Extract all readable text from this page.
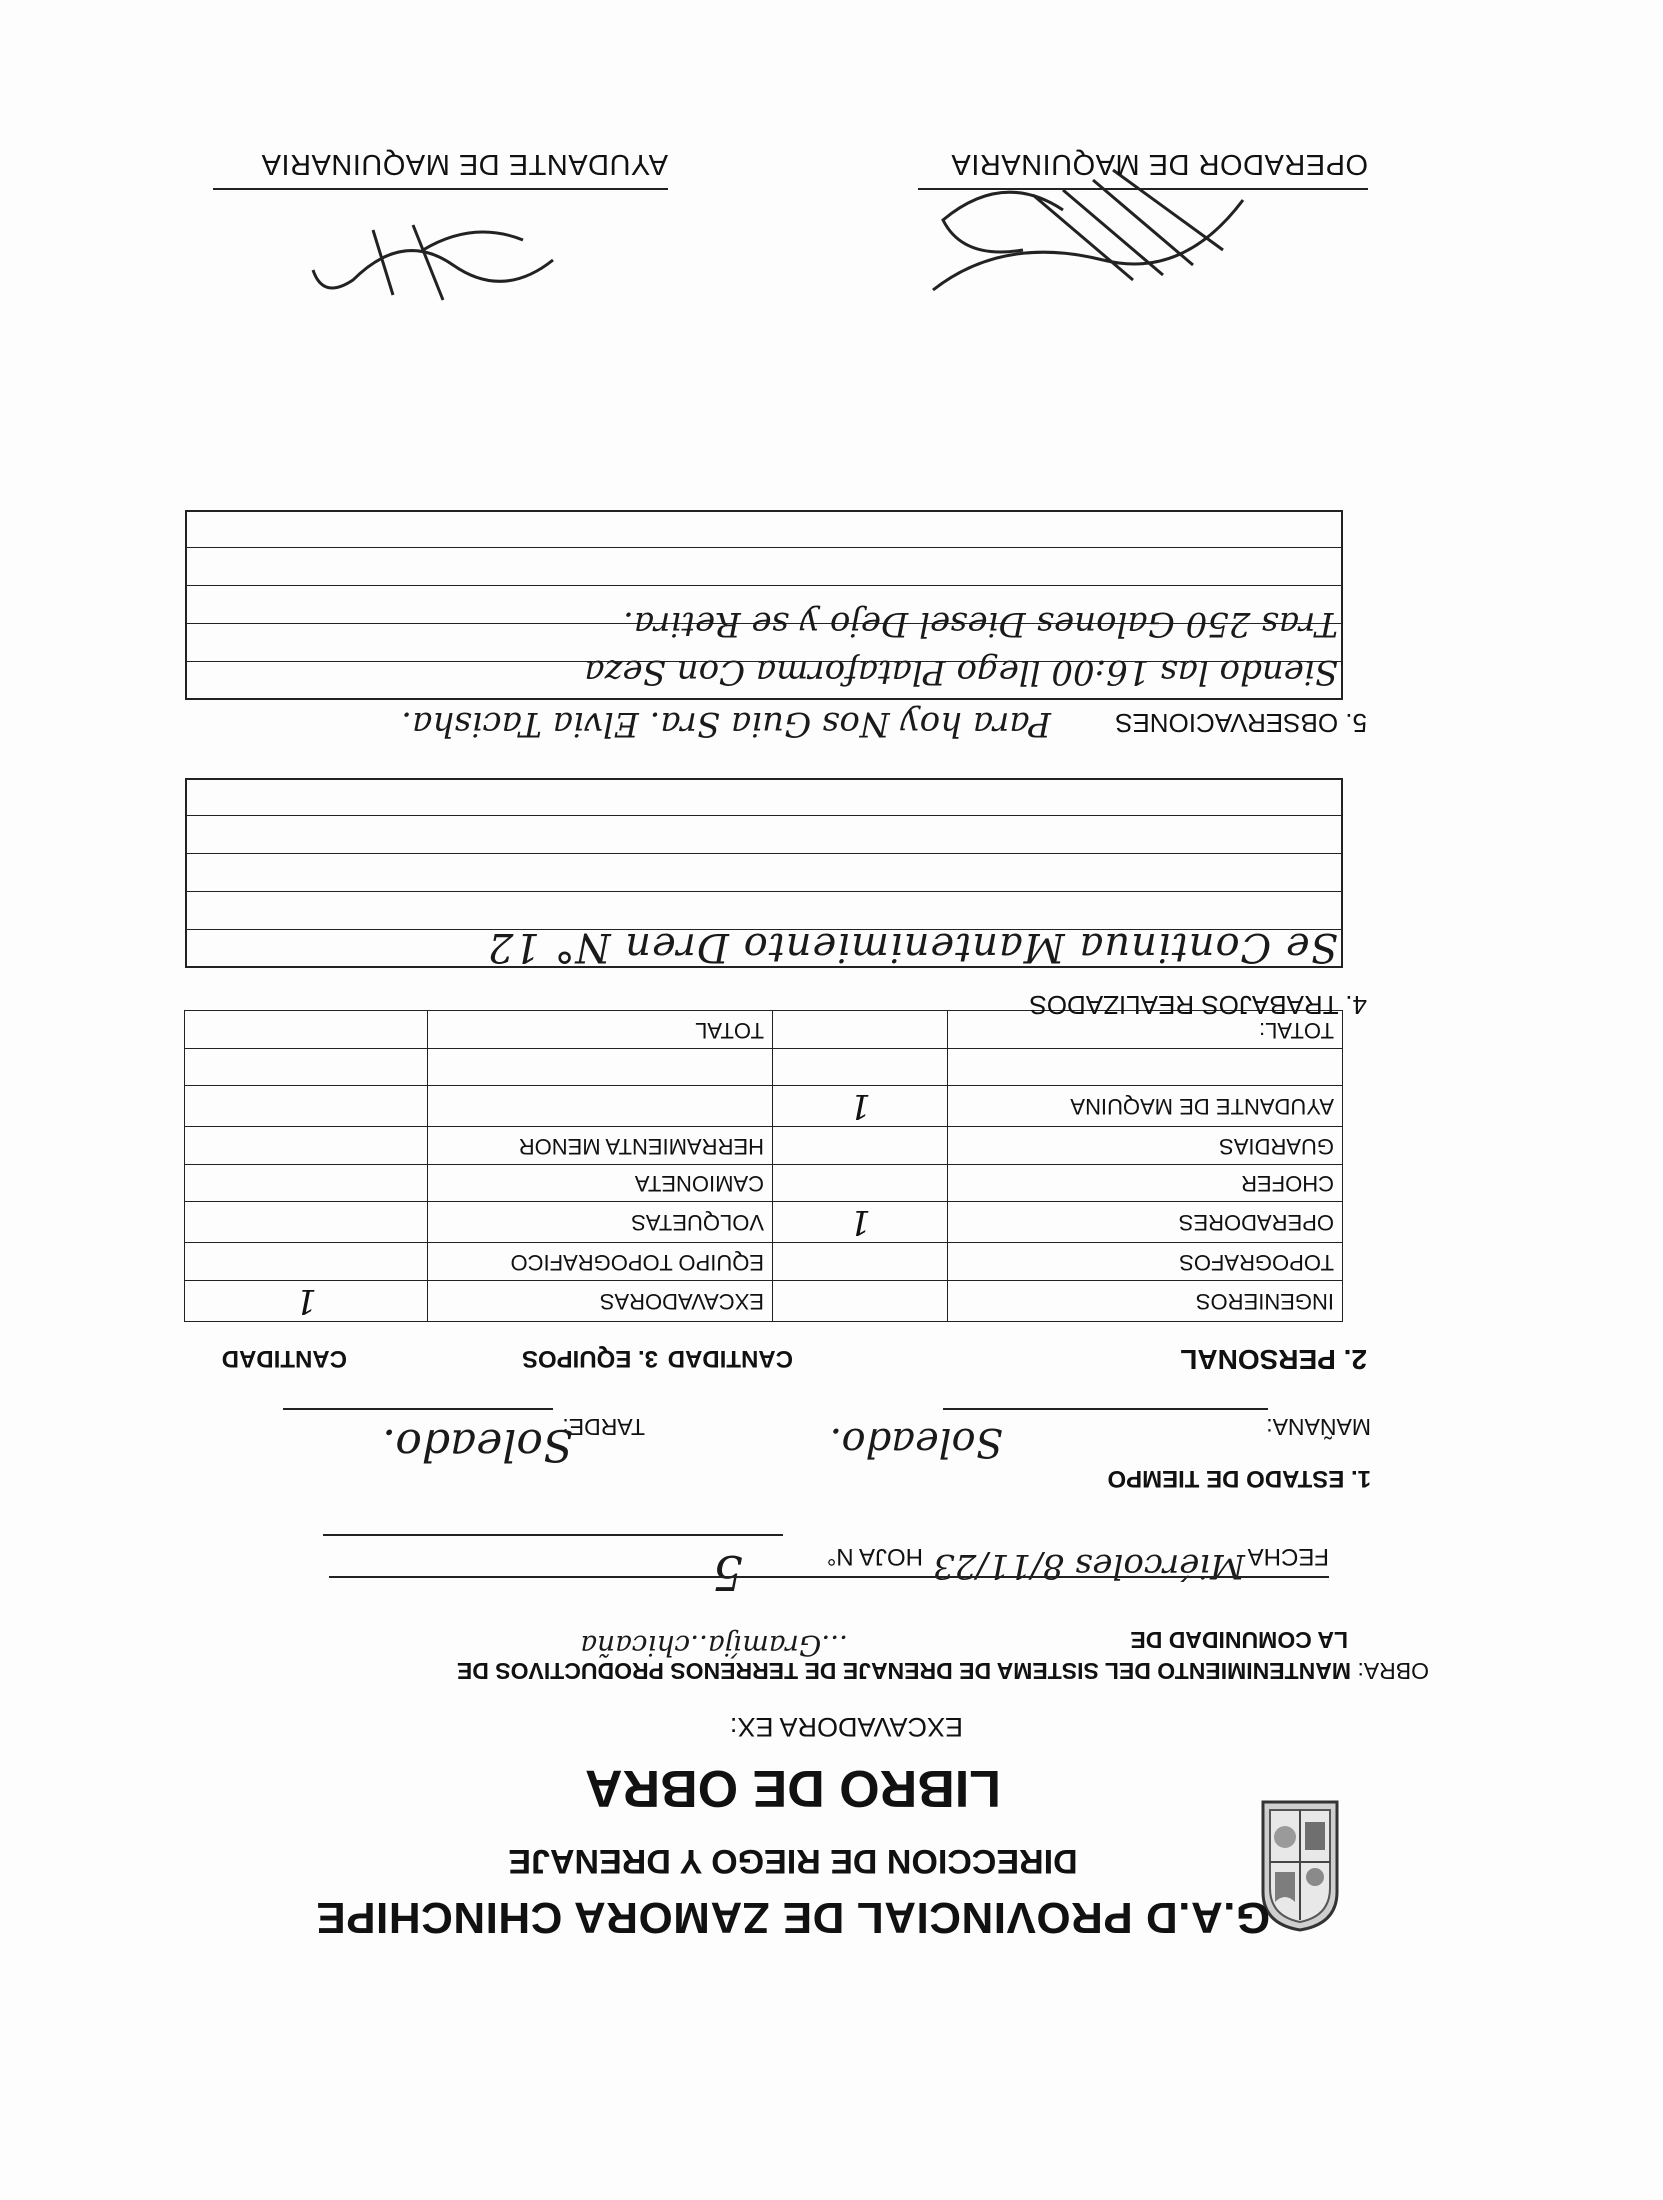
G.A.D PROVINCIAL DE ZAMORA CHINCHIPE
DIRECCION DE RIEGO Y DRENAJE
LIBRO DE OBRA
EXCAVADORA EX:
OBRA:
MANTENIMIENTO DEL SISTEMA DE DRENAJE DE TERRENOS PRODUCTIVOS DE
LA COMUNIDAD DE
...Gramíja..chicaña
FECHA
Miércoles 8/11/23
HOJA N°
5
1. ESTADO DE TIEMPO
MAÑANA:
Soleado.
TARDE:
Soleado.
2. PERSONAL
CANTIDAD
3. EQUIPOS
CANTIDAD
INGENIEROS		EXCAVADORAS	1
TOPOGRAFOS		EQUIPO TOPOGRAFICO	
OPERADORES	1	VOLQUETAS	
CHOFER		CAMIONETA	
GUARDIAS		HERRAMIENTA MENOR	
AYUDANTE DE MAQUINA	1		

TOTAL:		TOTAL	
4. TRABAJOS REALIZADOS
Se Continua Mantenimiento Dren N° 12
5. OBSERVACIONES
Para hoy Nos Guia Sra. Elvia Tacisha.
Siendo las 16:00 llego Plataforma Con Seza
Tras 250 Galones Diesel Dejo y se Retira.
OPERADOR DE MAQUINARIA
AYUDANTE DE MAQUINARIA
